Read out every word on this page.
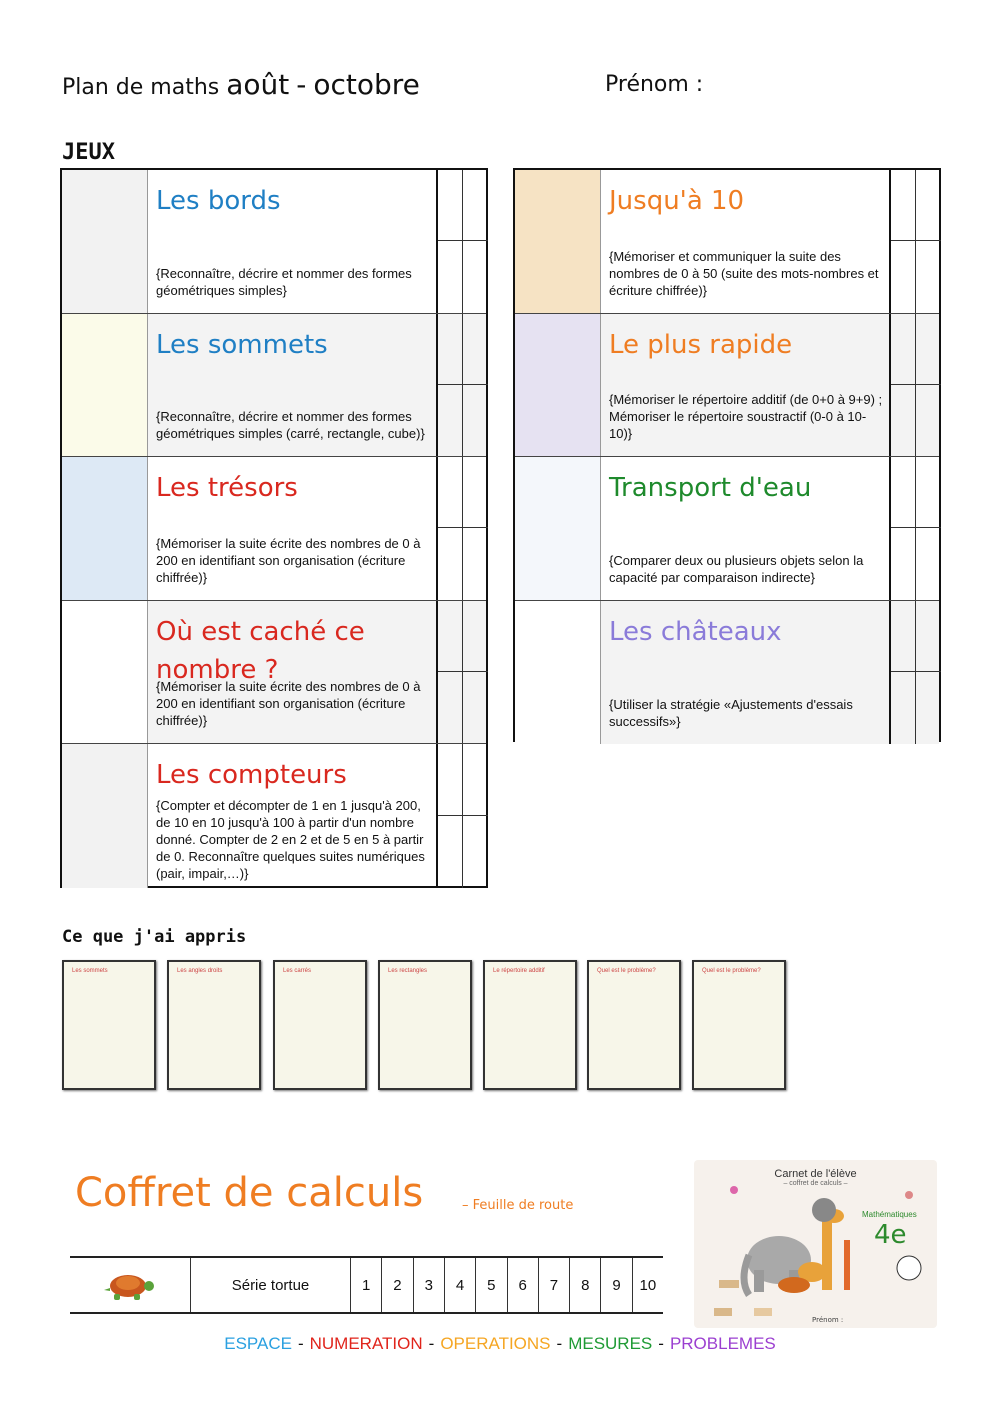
Plan de maths août - octobre	Prénom :
JEUX
Les bords
{Reconnaître, décrire et nommer des formes géométriques simples}
Les sommets
{Reconnaître, décrire et nommer des formes géométriques simples (carré, rectangle, cube)}
Les trésors
{Mémoriser la suite écrite des nombres de 0 à 200 en identifiant son organisation (écriture chiffrée)}
Où est caché ce nombre ?
{Mémoriser la suite écrite des nombres de 0 à 200 en identifiant son organisation (écriture chiffrée)}
Les compteurs
{Compter et décompter de 1 en 1 jusqu'à 200, de 10 en 10 jusqu'à 100 à partir d'un nombre donné. Compter de 2 en 2 et de 5 en 5 à partir de 0. Reconnaître quelques suites numériques (pair, impair,…)}
Jusqu'à 10
{Mémoriser et communiquer la suite des nombres de 0 à 50 (suite des mots-nombres et écriture chiffrée)}
Le plus rapide
{Mémoriser le répertoire additif (de 0+0 à 9+9) ; Mémoriser le répertoire soustractif (0-0 à 10-10)}
Transport d'eau
{Comparer deux ou plusieurs objets selon la capacité par comparaison indirecte}
Les châteaux
{Utiliser la stratégie «Ajustements d'essais successifs»}
Ce que j'ai appris
Les sommets	Les angles droits	Les carrés	Les rectangles	Le répertoire additif	Quel est le problème?	Quel est le problème?
Coffret de calculs	– Feuille de route
Série tortue	1	2	3	4	5	6	7	8	9	10
Carnet de l'élève
– coffret de calculs –
Mathématiques
4e
Prénom :
ESPACE - NUMERATION - OPERATIONS - MESURES - PROBLEMES
